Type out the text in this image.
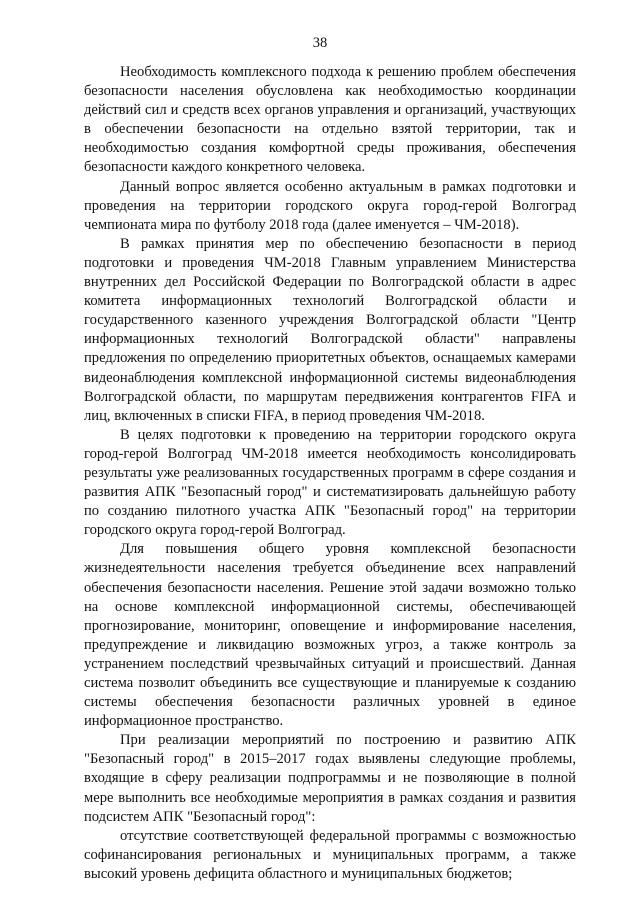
38

Необходимость комплексного подхода к решению проблем обеспечения безопасности населения обусловлена как необходимостью координации действий сил и средств всех органов управления и организаций, участвующих в обеспечении безопасности на отдельно взятой территории, так и необходимостью создания комфортной среды проживания, обеспечения безопасности каждого конкретного человека.

Данный вопрос является особенно актуальным в рамках подготовки и проведения на территории городского округа город-герой Волгоград чемпионата мира по футболу 2018 года (далее именуется – ЧМ-2018).

В рамках принятия мер по обеспечению безопасности в период подготовки и проведения ЧМ-2018 Главным управлением Министерства внутренних дел Российской Федерации по Волгоградской области в адрес комитета информационных технологий Волгоградской области и государственного казенного учреждения Волгоградской области "Центр информационных технологий Волгоградской области" направлены предложения по определению приоритетных объектов, оснащаемых камерами видеонаблюдения комплексной информационной системы видеонаблюдения Волгоградской области, по маршрутам передвижения контрагентов FIFA и лиц, включенных в списки FIFA, в период проведения ЧМ-2018.

В целях подготовки к проведению на территории городского округа город-герой Волгоград ЧМ-2018 имеется необходимость консолидировать результаты уже реализованных государственных программ в сфере создания и развития АПК "Безопасный город" и систематизировать дальнейшую работу по созданию пилотного участка АПК "Безопасный город" на территории городского округа город-герой Волгоград.

Для повышения общего уровня комплексной безопасности жизнедеятельности населения требуется объединение всех направлений обеспечения безопасности населения. Решение этой задачи возможно только на основе комплексной информационной системы, обеспечивающей прогнозирование, мониторинг, оповещение и информирование населения, предупреждение и ликвидацию возможных угроз, а также контроль за устранением последствий чрезвычайных ситуаций и происшествий. Данная система позволит объединить все существующие и планируемые к созданию системы обеспечения безопасности различных уровней в единое информационное пространство.

При реализации мероприятий по построению и развитию АПК "Безопасный город" в 2015–2017 годах выявлены следующие проблемы, входящие в сферу реализации подпрограммы и не позволяющие в полной мере выполнить все необходимые мероприятия в рамках создания и развития подсистем АПК "Безопасный город":

отсутствие соответствующей федеральной программы с возможностью софинансирования региональных и муниципальных программ, а также высокий уровень дефицита областного и муниципальных бюджетов;
